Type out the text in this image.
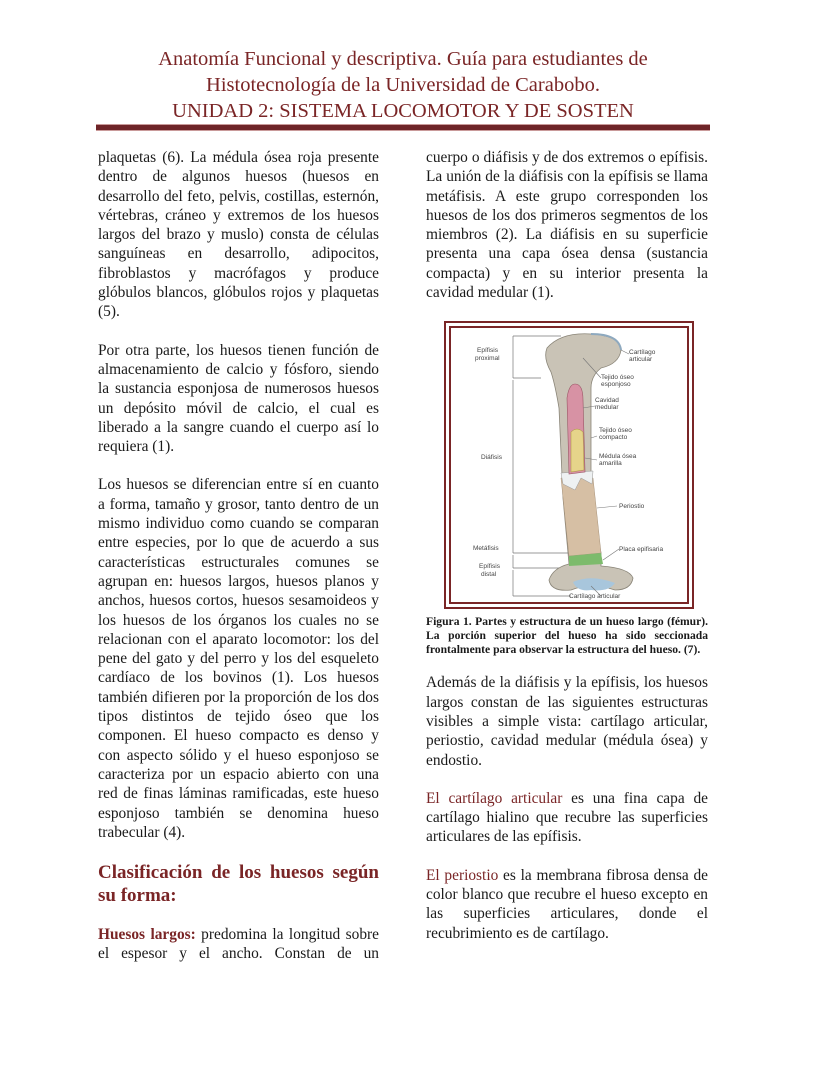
Anatomía Funcional y descriptiva. Guía para estudiantes de
Histotecnología de la Universidad de Carabobo.
UNIDAD 2: SISTEMA LOCOMOTOR Y DE SOSTEN

plaquetas (6). La médula ósea roja presente dentro de algunos huesos (huesos en desarrollo del feto, pelvis, costillas, esternón, vértebras, cráneo y extremos de los huesos largos del brazo y muslo) consta de células sanguíneas en desarrollo, adipocitos, fibroblastos y macrófagos y produce glóbulos blancos, glóbulos rojos y plaquetas (5).

Por otra parte, los huesos tienen función de almacenamiento de calcio y fósforo, siendo la sustancia esponjosa de numerosos huesos un depósito móvil de calcio, el cual es liberado a la sangre cuando el cuerpo así lo requiera (1).

Los huesos se diferencian entre sí en cuanto a forma, tamaño y grosor, tanto dentro de un mismo individuo como cuando se comparan entre especies, por lo que de acuerdo a sus características estructurales comunes se agrupan en: huesos largos, huesos planos y anchos, huesos cortos, huesos sesamoideos y los huesos de los órganos los cuales no se relacionan con el aparato locomotor: los del pene del gato y del perro y los del esqueleto cardíaco de los bovinos (1). Los huesos también difieren por la proporción de los dos tipos distintos de tejido óseo que los componen. El hueso compacto es denso y con aspecto sólido y el hueso esponjoso se caracteriza por un espacio abierto con una red de finas láminas ramificadas, este hueso esponjoso también se denomina hueso trabecular (4).

Clasificación de los huesos según su forma:

Huesos largos: predomina la longitud sobre el espesor y el ancho. Constan de un

cuerpo o diáfisis y de dos extremos o epífisis. La unión de la diáfisis con la epífisis se llama metáfisis. A este grupo corresponden los huesos de los dos primeros segmentos de los miembros (2). La diáfisis en su superficie presenta una capa ósea densa (sustancia compacta) y en su interior presenta la cavidad medular (1).

Epífisis
proximal
Diáfisis
Metáfisis
Epífisis
distal
Cartílago
articular
Tejido óseo
esponjoso
Cavidad
medular
Tejido óseo
compacto
Médula ósea
amarilla
Periostio
Placa epifisaria
Cartílago articular
Figura 1. Partes y estructura de un hueso largo (fémur). La porción superior del hueso ha sido seccionada frontalmente para observar la estructura del hueso. (7).

Además de la diáfisis y la epífisis, los huesos largos constan de las siguientes estructuras visibles a simple vista: cartílago articular, periostio, cavidad medular (médula ósea) y endostio.

El cartílago articular es una fina capa de cartílago hialino que recubre las superficies articulares de las epífisis.

El periostio es la membrana fibrosa densa de color blanco que recubre el hueso excepto en las superficies articulares, donde el recubrimiento es de cartílago.
